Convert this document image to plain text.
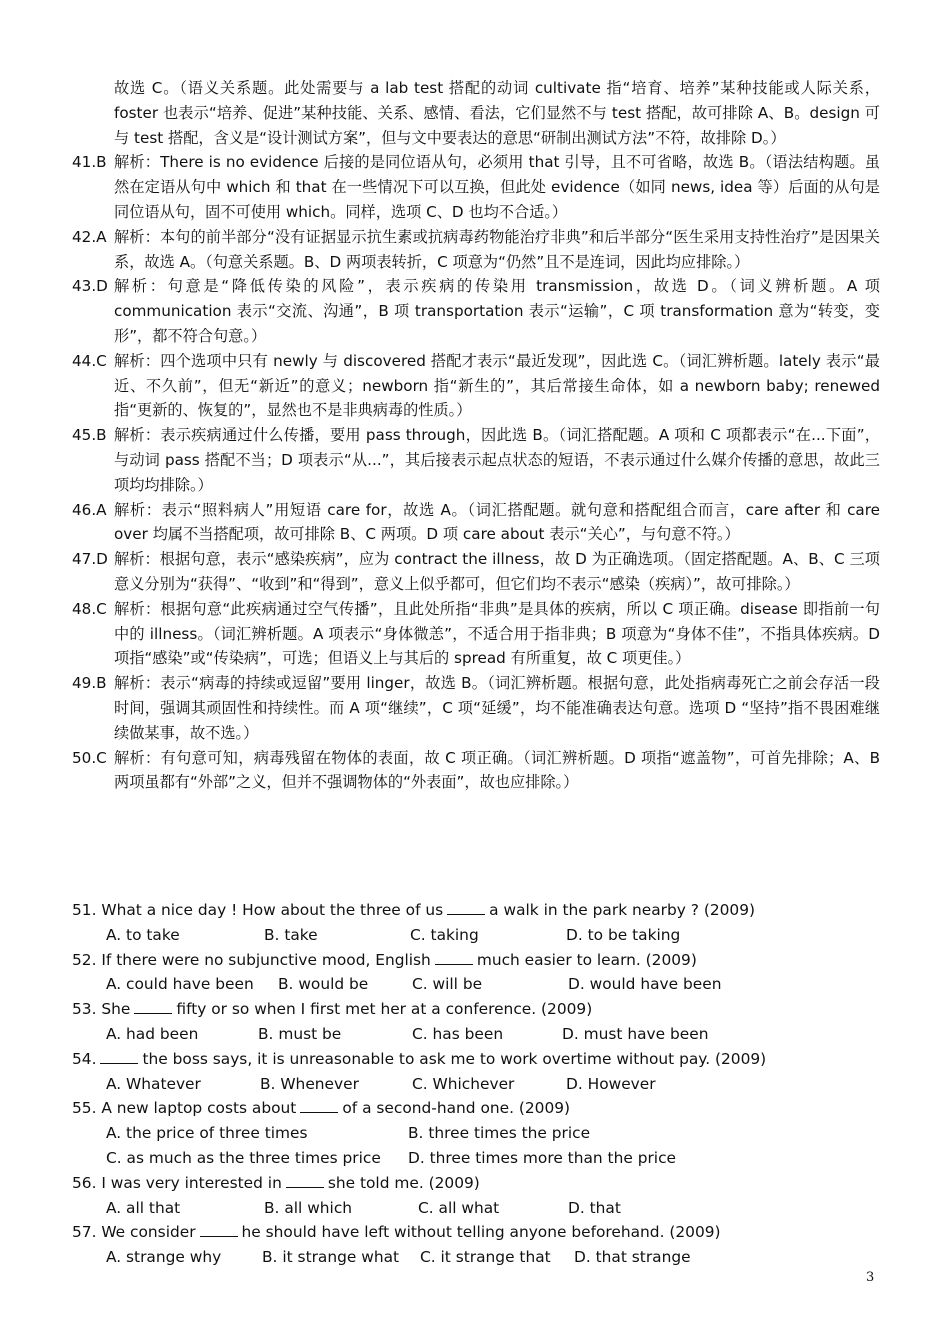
故选 C。（语义关系题。此处需要与 a lab test 搭配的动词 cultivate 指“培育、培养”某种技能或人际关系，foster 也表示“培养、促进”某种技能、关系、感情、看法，它们显然不与 test 搭配，故可排除 A、B。design 可与 test 搭配，含义是“设计测试方案”，但与文中要表达的意思“研制出测试方法”不符，故排除 D。）
41.B 解析：There is no evidence 后接的是同位语从句，必须用 that 引导，且不可省略，故选 B。（语法结构题。虽然在定语从句中 which 和 that 在一些情况下可以互换，但此处 evidence（如同 news, idea 等）后面的从句是同位语从句，固不可使用 which。同样，选项 C、D 也均不合适。）
42.A 解析：本句的前半部分“没有证据显示抗生素或抗病毒药物能治疗非典”和后半部分“医生采用支持性治疗”是因果关系，故选 A。（句意关系题。B、D 两项表转折，C 项意为“仍然”且不是连词，因此均应排除。）
43.D 解析：句意是“降低传染的风险”，表示疾病的传染用 transmission，故选 D。（词义辨析题。A 项 communication 表示“交流、沟通”，B 项 transportation 表示“运输”，C 项 transformation 意为“转变，变形”，都不符合句意。）
44.C 解析：四个选项中只有 newly 与 discovered 搭配才表示“最近发现”，因此选 C。（词汇辨析题。lately 表示“最近、不久前”，但无“新近”的意义；newborn 指“新生的”，其后常接生命体，如 a newborn baby; renewed 指“更新的、恢复的”，显然也不是非典病毒的性质。）
45.B 解析：表示疾病通过什么传播，要用 pass through，因此选 B。（词汇搭配题。A 项和 C 项都表示“在...下面”，与动词 pass 搭配不当；D 项表示“从...”，其后接表示起点状态的短语，不表示通过什么媒介传播的意思，故此三项均均排除。）
46.A 解析：表示“照料病人”用短语 care for，故选 A。（词汇搭配题。就句意和搭配组合而言，care after 和 care over 均属不当搭配项，故可排除 B、C 两项。D 项 care about 表示“关心”，与句意不符。）
47.D 解析：根据句意，表示“感染疾病”，应为 contract the illness，故 D 为正确选项。（固定搭配题。A、B、C 三项意义分别为“获得”、“收到”和“得到”，意义上似乎都可，但它们均不表示“感染（疾病）”，故可排除。）
48.C 解析：根据句意“此疾病通过空气传播”，且此处所指“非典”是具体的疾病，所以 C 项正确。disease 即指前一句中的 illness。（词汇辨析题。A 项表示“身体微恙”，不适合用于指非典；B 项意为“身体不佳”，不指具体疾病。D 项指“感染”或“传染病”，可选；但语义上与其后的 spread 有所重复，故 C 项更佳。）
49.B 解析：表示“病毒的持续或逗留”要用 linger，故选 B。（词汇辨析题。根据句意，此处指病毒死亡之前会存活一段时间，强调其顽固性和持续性。而 A 项“继续”，C 项“延缓”，均不能准确表达句意。选项 D “坚持”指不畏困难继续做某事，故不选。）
50.C 解析：有句意可知，病毒残留在物体的表面，故 C 项正确。（词汇辨析题。D 项指“遮盖物”，可首先排除；A、B 两项虽都有“外部”之义，但并不强调物体的“外表面”，故也应排除。）
51. What a nice day ! How about the three of us	a walk in the park nearby ? (2009)
A. to take	B. take	C. taking	D. to be taking
52. If there were no subjunctive mood, English	much easier to learn. (2009)
A. could have been B. would be	C. will be	D. would have been
53. She	fifty or so when I first met her at a conference. (2009)
A. had been	B. must be	C. has been	D. must have been
54.	the boss says, it is unreasonable to ask me to work overtime without pay. (2009)
A. Whatever	B. Whenever	C. Whichever	D. However
55. A new laptop costs about	of a second-hand one. (2009)
A. the price of three times	B. three times the price
C. as much as the three times price D. three times more than the price
56. I was very interested in	she told me. (2009)
A. all that	B. all which	C. all what	D. that
57. We consider	he should have left without telling anyone beforehand. (2009)
A. strange why	B. it strange what C. it strange that D. that strange
3
